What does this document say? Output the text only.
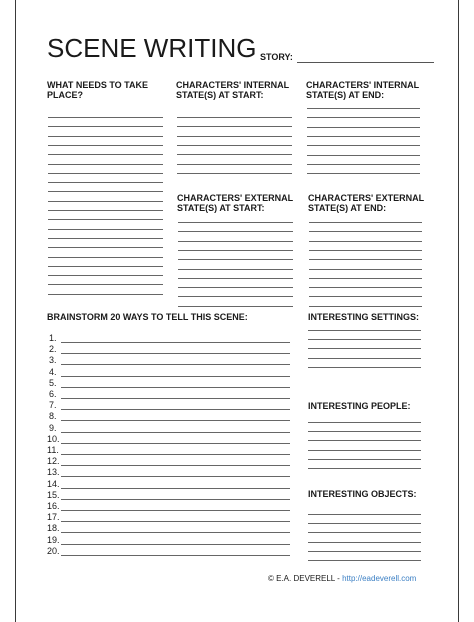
SCENE WRITING STORY:
WHAT NEEDS TO TAKE
PLACE?
CHARACTERS' INTERNAL
STATE(S) AT START:
CHARACTERS' INTERNAL
STATE(S) AT END:
CHARACTERS' EXTERNAL
STATE(S) AT START:
CHARACTERS' EXTERNAL
STATE(S) AT END:
BRAINSTORM 20 WAYS TO TELL THIS SCENE:	INTERESTING SETTINGS:
INTERESTING PEOPLE:
INTERESTING OBJECTS:
1.
2.
3.
4.
5.
6.
7.
8.
9.
10.
11.
12.
13.
14.
15.
16.
17.
18.
19.
20.
© E.A. DEVERELL - http://eadeverell.com
